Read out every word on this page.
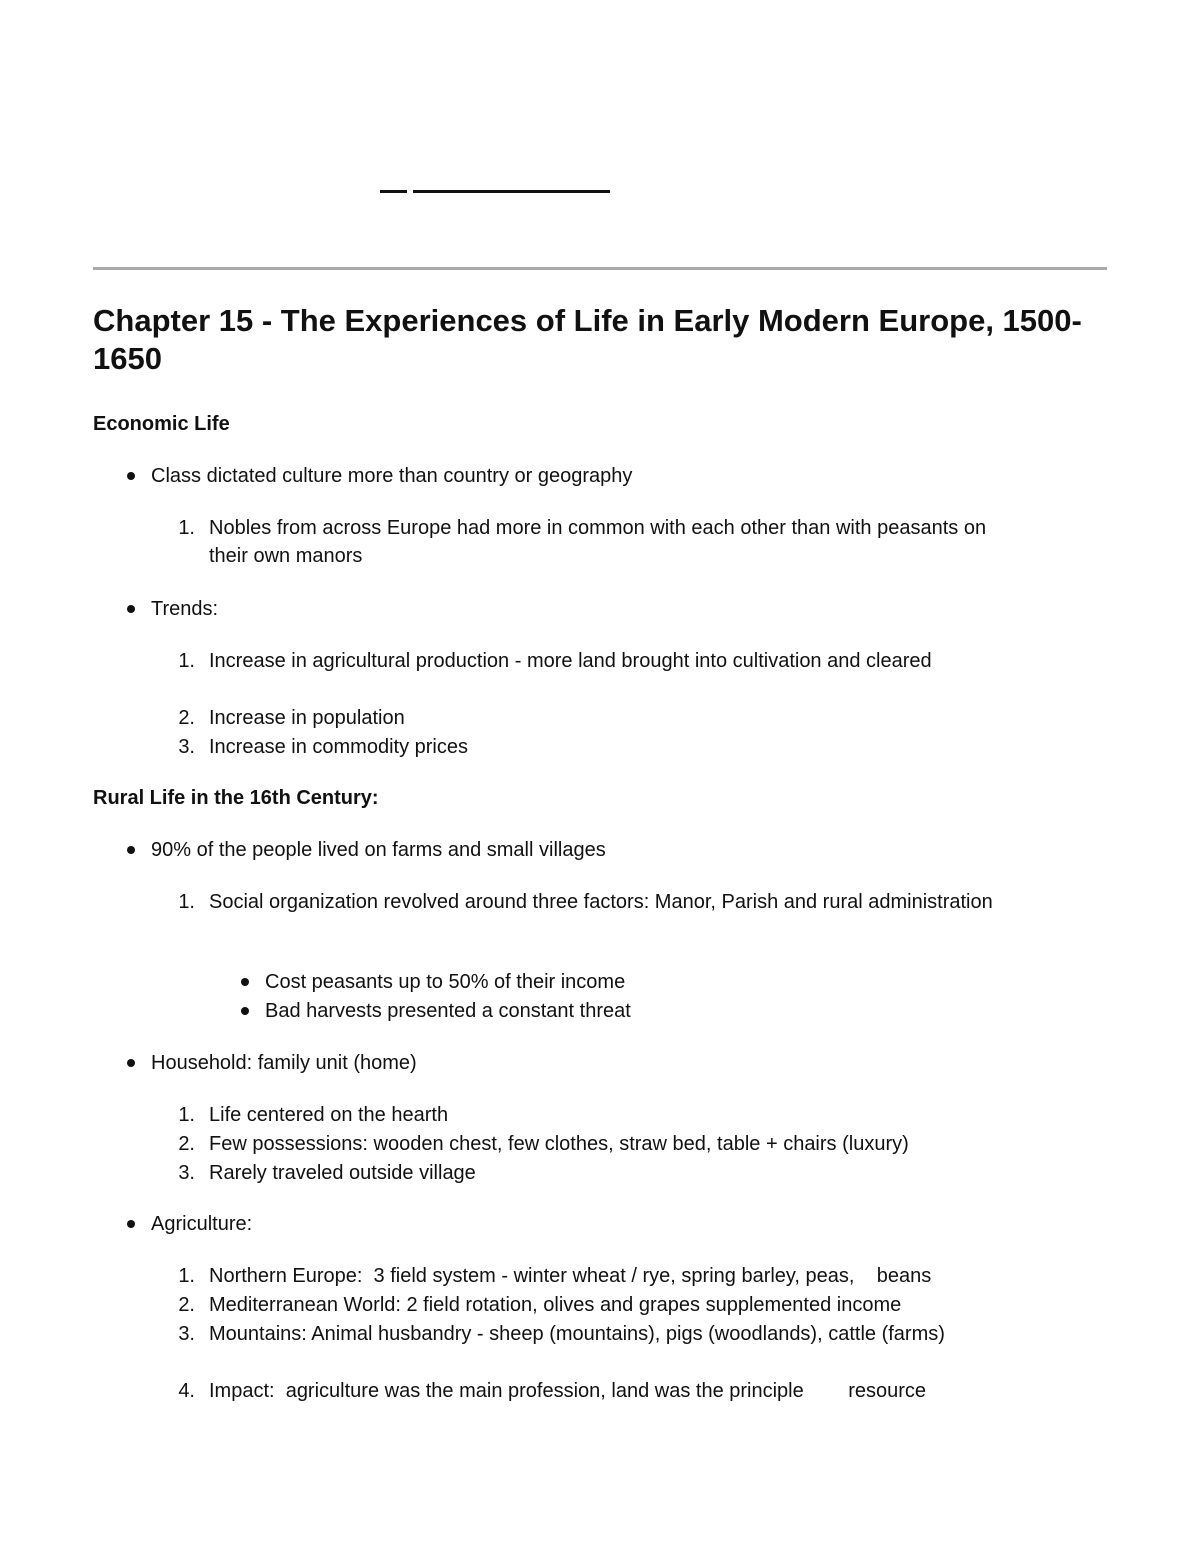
Chapter 15 - The Experiences of Life in Early Modern Europe, 1500-1650
Economic Life
Class dictated culture more than country or geography
1. Nobles from across Europe had more in common with each other than with peasants on their own manors
Trends:
1. Increase in agricultural production - more land brought into cultivation and cleared
2. Increase in population
3. Increase in commodity prices
Rural Life in the 16th Century:
90% of the people lived on farms and small villages
1. Social organization revolved around three factors: Manor, Parish and rural administration
Cost peasants up to 50% of their income
Bad harvests presented a constant threat
Household: family unit (home)
1. Life centered on the hearth
2. Few possessions: wooden chest, few clothes, straw bed, table + chairs (luxury)
3. Rarely traveled outside village
Agriculture:
1. Northern Europe:  3 field system - winter wheat / rye, spring barley, peas,    beans
2. Mediterranean World: 2 field rotation, olives and grapes supplemented income
3. Mountains: Animal husbandry - sheep (mountains), pigs (woodlands), cattle (farms)
4. Impact:  agriculture was the main profession, land was the principle        resource
